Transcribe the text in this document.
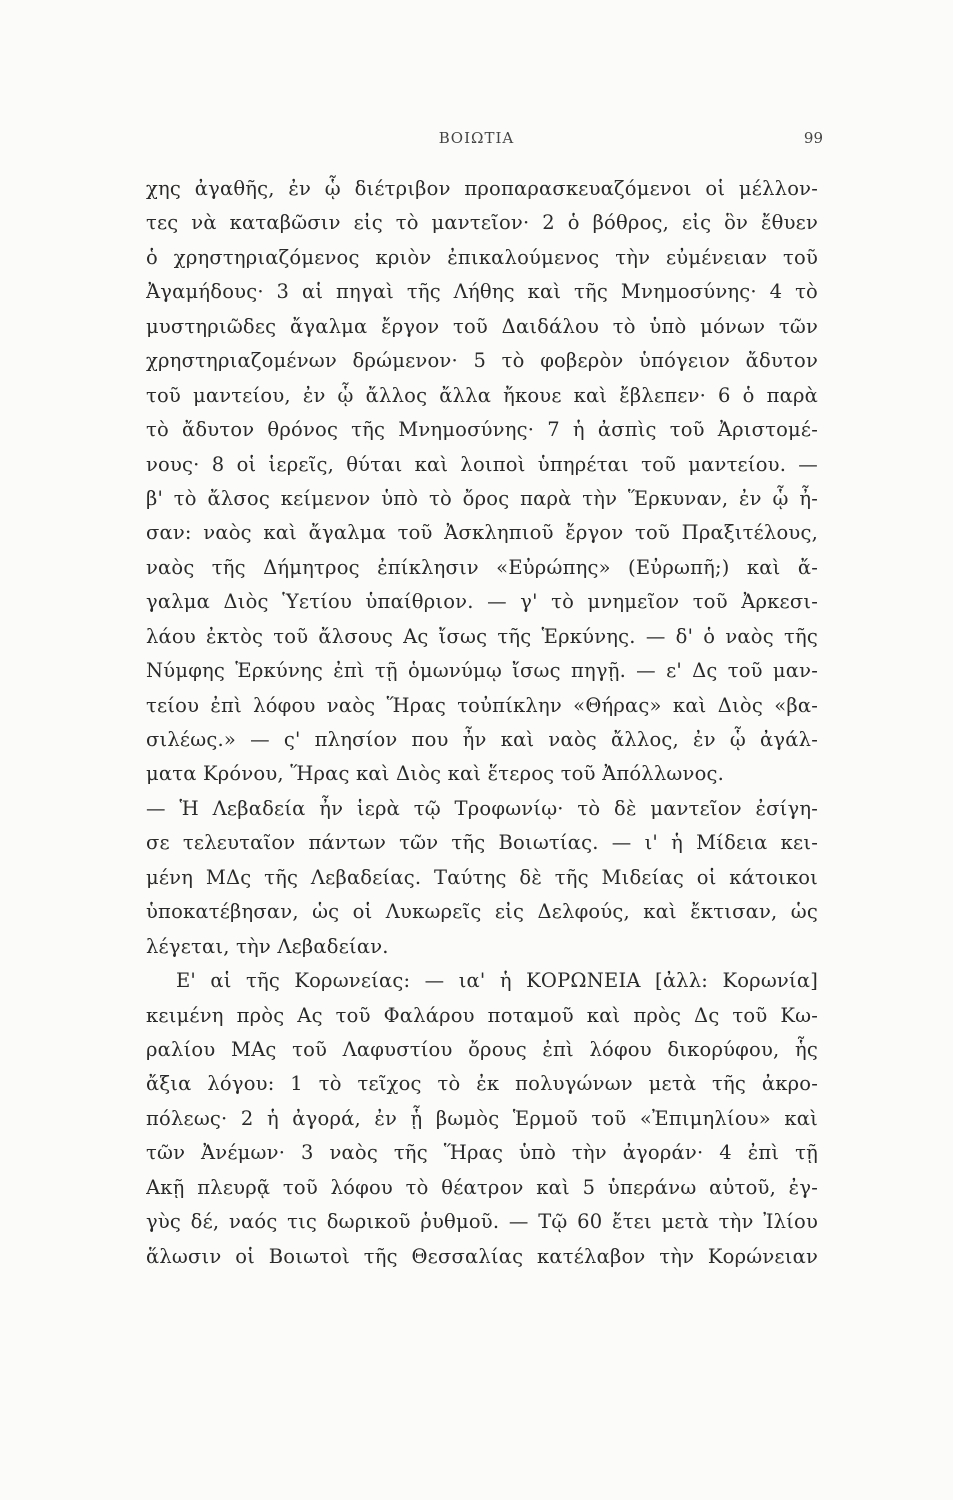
ΒΟΙΩΤΙΑ	99
χης ἀγαθῆς, ἐν ᾧ διέτριβον προπαρασκευαζόμενοι οἱ μέλλον-
τες νὰ καταβῶσιν εἰς τὸ μαντεῖον· 2 ὁ βόθρος, εἰς ὃν ἔθυεν
ὁ χρηστηριαζόμενος κριὸν ἐπικαλούμενος τὴν εὐμένειαν τοῦ
Ἀγαμήδους· 3 αἱ πηγαὶ τῆς Λήθης καὶ τῆς Μνημοσύνης· 4 τὸ
μυστηριῶδες ἄγαλμα ἔργον τοῦ Δαιδάλου τὸ ὑπὸ μόνων τῶν
χρηστηριαζομένων δρώμενον· 5 τὸ φοβερὸν ὑπόγειον ἄδυτον
τοῦ μαντείου, ἐν ᾧ ἄλλος ἄλλα ἤκουε καὶ ἔβλεπεν· 6 ὁ παρὰ
τὸ ἄδυτον θρόνος τῆς Μνημοσύνης· 7 ἡ ἀσπὶς τοῦ Ἀριστομέ-
νους· 8 οἱ ἱερεῖς, θύται καὶ λοιποὶ ὑπηρέται τοῦ μαντείου. —
β' τὸ ἄλσος κείμενον ὑπὸ τὸ ὄρος παρὰ τὴν Ἕρκυναν, ἐν ᾧ ἦ-
σαν: ναὸς καὶ ἄγαλμα τοῦ Ἀσκληπιοῦ ἔργον τοῦ Πραξιτέλους,
ναὸς τῆς Δήμητρος ἐπίκλησιν «Εὐρώπης» (Εὐρωπῆ;) καὶ ἄ-
γαλμα Διὸς Ὑετίου ὑπαίθριον. — γ' τὸ μνημεῖον τοῦ Ἀρκεσι-
λάου ἐκτὸς τοῦ ἄλσους Ας ἴσως τῆς Ἑρκύνης. — δ' ὁ ναὸς τῆς
Νύμφης Ἑρκύνης ἐπὶ τῇ ὁμωνύμῳ ἴσως πηγῇ. — ε' Δς τοῦ μαν-
τείου ἐπὶ λόφου ναὸς Ἥρας τοὐπίκλην «Θήρας» καὶ Διὸς «βα-
σιλέως.» — ς' πλησίον που ἦν καὶ ναὸς ἄλλος, ἐν ᾧ ἀγάλ-
ματα Κρόνου, Ἥρας καὶ Διὸς καὶ ἕτερος τοῦ Ἀπόλλωνος.
— Ἡ Λεβαδεία ἦν ἱερὰ τῷ Τροφωνίῳ· τὸ δὲ μαντεῖον ἐσίγη-
σε τελευταῖον πάντων τῶν τῆς Βοιωτίας. — ι' ἡ Μίδεια κει-
μένη ΜΔς τῆς Λεβαδείας. Ταύτης δὲ τῆς Μιδείας οἱ κάτοικοι
ὑποκατέβησαν, ὡς οἱ Λυκωρεῖς εἰς Δελφούς, καὶ ἔκτισαν, ὡς
λέγεται, τὴν Λεβαδείαν.
Ε' αἱ τῆς Κορωνείας: — ια' ἡ ΚΟΡΩΝΕΙΑ [ἀλλ: Κορωνία]
κειμένη πρὸς Ας τοῦ Φαλάρου ποταμοῦ καὶ πρὸς Δς τοῦ Κω-
ραλίου ΜΑς τοῦ Λαφυστίου ὄρους ἐπὶ λόφου δικορύφου, ἧς
ἄξια λόγου: 1 τὸ τεῖχος τὸ ἐκ πολυγώνων μετὰ τῆς ἀκρο-
πόλεως· 2 ἡ ἀγορά, ἐν ᾗ βωμὸς Ἑρμοῦ τοῦ «Ἐπιμηλίου» καὶ
τῶν Ἀνέμων· 3 ναὸς τῆς Ἥρας ὑπὸ τὴν ἀγοράν· 4 ἐπὶ τῇ
Ακῇ πλευρᾷ τοῦ λόφου τὸ θέατρον καὶ 5 ὑπεράνω αὐτοῦ, ἐγ-
γὺς δέ, ναός τις δωρικοῦ ῥυθμοῦ. — Τῷ 60 ἔτει μετὰ τὴν Ἰλίου
ἅλωσιν οἱ Βοιωτοὶ τῆς Θεσσαλίας κατέλαβον τὴν Κορώνειαν
